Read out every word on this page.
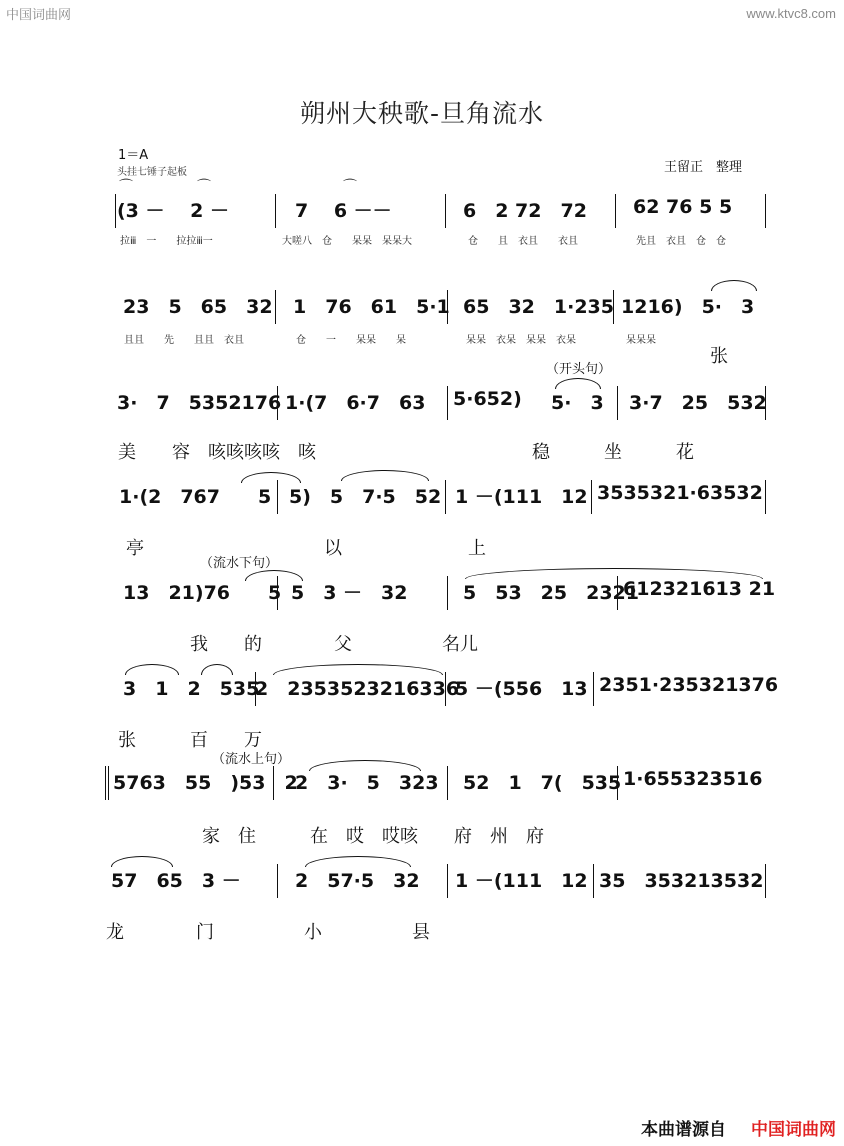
中国词曲网	www.ktvc8.com
朔州大秧歌-旦角流水
1＝A
头挂七锤子起板	王留正　整理
⌒	⌒
(3 －　 2 －
⌒
7　 6 －－	6　2 72　72 62 76 5 5
拉ⅲ　一　　拉拉ⅲ一	大嗟八　仓　　呆呆　呆呆大	仓　　且　衣且　　衣且	先且　衣且　仓　仓
23　5　65　32 1　76　61　5·1 65　32　1·235 1216)　5·　3
且且　　先　　且且　衣且	仓　　一　　呆呆　　呆	呆呆　衣呆　呆呆　衣呆	呆呆呆
张
（开头句）
3·　7　5352176 1·(7　6·7　63 5·652) 5·　3 3·7　25　532
美　　容　咳咳咳咳　咳　　　　　　　　　　　　稳　　　坐　　　花
1·(2　767　　5 5)　5　7·5　52 1 －(111　12 3535321·63532
亭　　　　　　　　　　以　　　　　　　上
（流水下句）
13　21)76　　5 5　3 －　32	5　53　25　2321
612321613 21
我　　的　　　　父　　　　　名儿
3　1　2　535
2　2353523216336
5 －(556　13 2351·235321376
张　　　百　　万
（流水上句）
5763　55　)53　2
2　3·　5　323 52　1　7(　535 1·655323516
家　住　　　在　哎　哎咳　　府　州　府
57　65　3 －	2　57·5　32 1 －(111　12 35　353213532
龙　　　　门　　　　　小　　　　　县
本曲谱源自 中国词曲网
